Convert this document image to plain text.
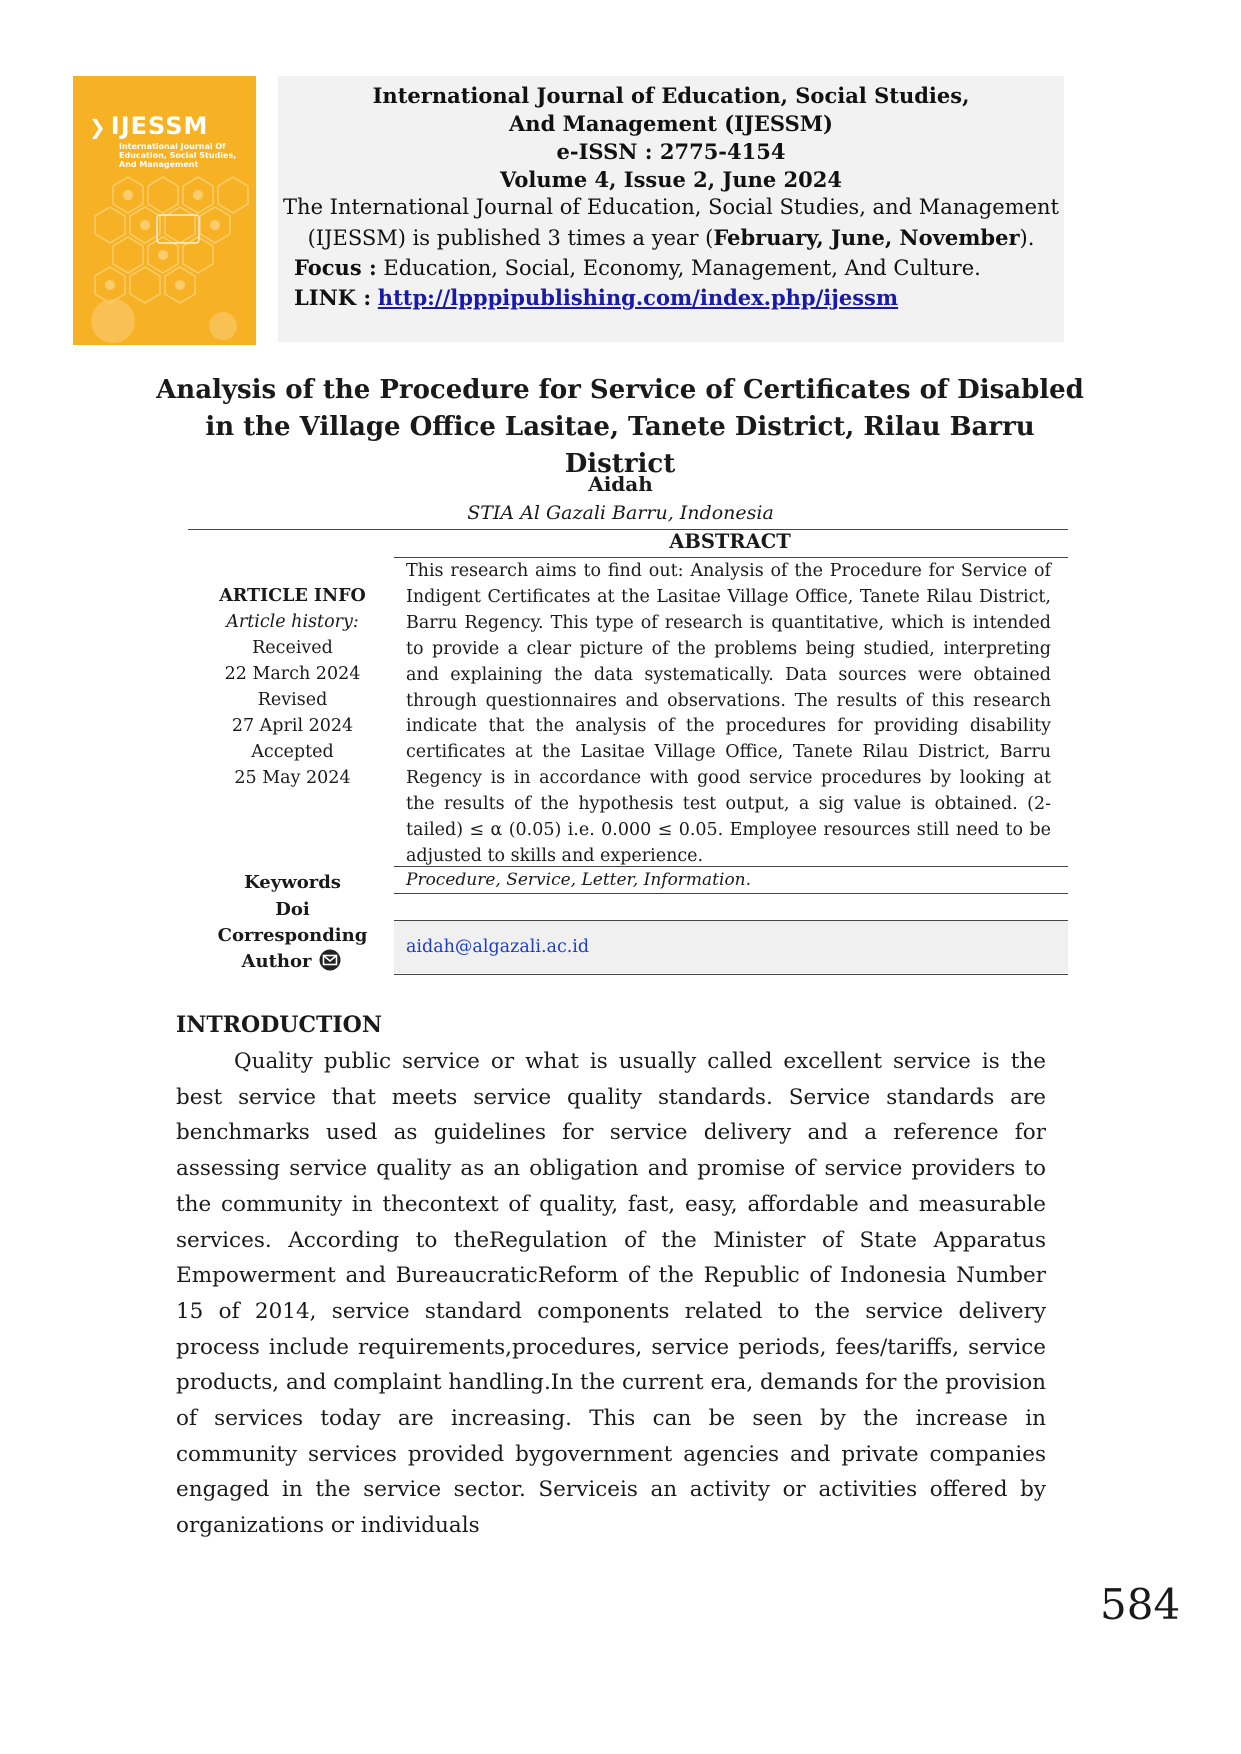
❯ IJESSM
International Journal Of Education, Social Studies, And Management
International Journal of Education, Social Studies,
And Management (IJESSM)
e-ISSN : 2775-4154
Volume 4, Issue 2, June 2024
The International Journal of Education, Social Studies, and Management
(IJESSM) is published 3 times a year (February, June, November).
Focus : Education, Social, Economy, Management, And Culture.
LINK : http://lpppipublishing.com/index.php/ijessm
Analysis of the Procedure for Service of Certificates of Disabled in the Village Office Lasitae, Tanete District, Rilau Barru District
Aidah
STIA Al Gazali Barru, Indonesia
ARTICLE INFO
Article history:
Received
22 March 2024
Revised
27 April 2024
Accepted
25 May 2024
Keywords
Doi
Corresponding
Author
ABSTRACT
This research aims to find out: Analysis of the Procedure for Service of Indigent Certificates at the Lasitae Village Office, Tanete Rilau District, Barru Regency. This type of research is quantitative, which is intended to provide a clear picture of the problems being studied, interpreting and explaining the data systematically. Data sources were obtained through questionnaires and observations. The results of this research indicate that the analysis of the procedures for providing disability certificates at the Lasitae Village Office, Tanete Rilau District, Barru Regency is in accordance with good service procedures by looking at the results of the hypothesis test output, a sig value is obtained. (2-tailed) ≤ α (0.05) i.e. 0.000 ≤ 0.05. Employee resources still need to be adjusted to skills and experience.
Procedure, Service, Letter, Information.
aidah@algazali.ac.id
INTRODUCTION
Quality public service or what is usually called excellent service is the best service that meets service quality standards. Service standards are benchmarks used as guidelines for service delivery and a reference for assessing service quality as an obligation and promise of service providers to the community in thecontext of quality, fast, easy, affordable and measurable services. According to theRegulation of the Minister of State Apparatus Empowerment and BureaucraticReform of the Republic of Indonesia Number 15 of 2014, service standard components related to the service delivery process include requirements,procedures, service periods, fees/tariffs, service products, and complaint handling.In the current era, demands for the provision of services today are increasing. This can be seen by the increase in community services provided bygovernment agencies and private companies engaged in the service sector. Serviceis an activity or activities offered by organizations or individuals
584
